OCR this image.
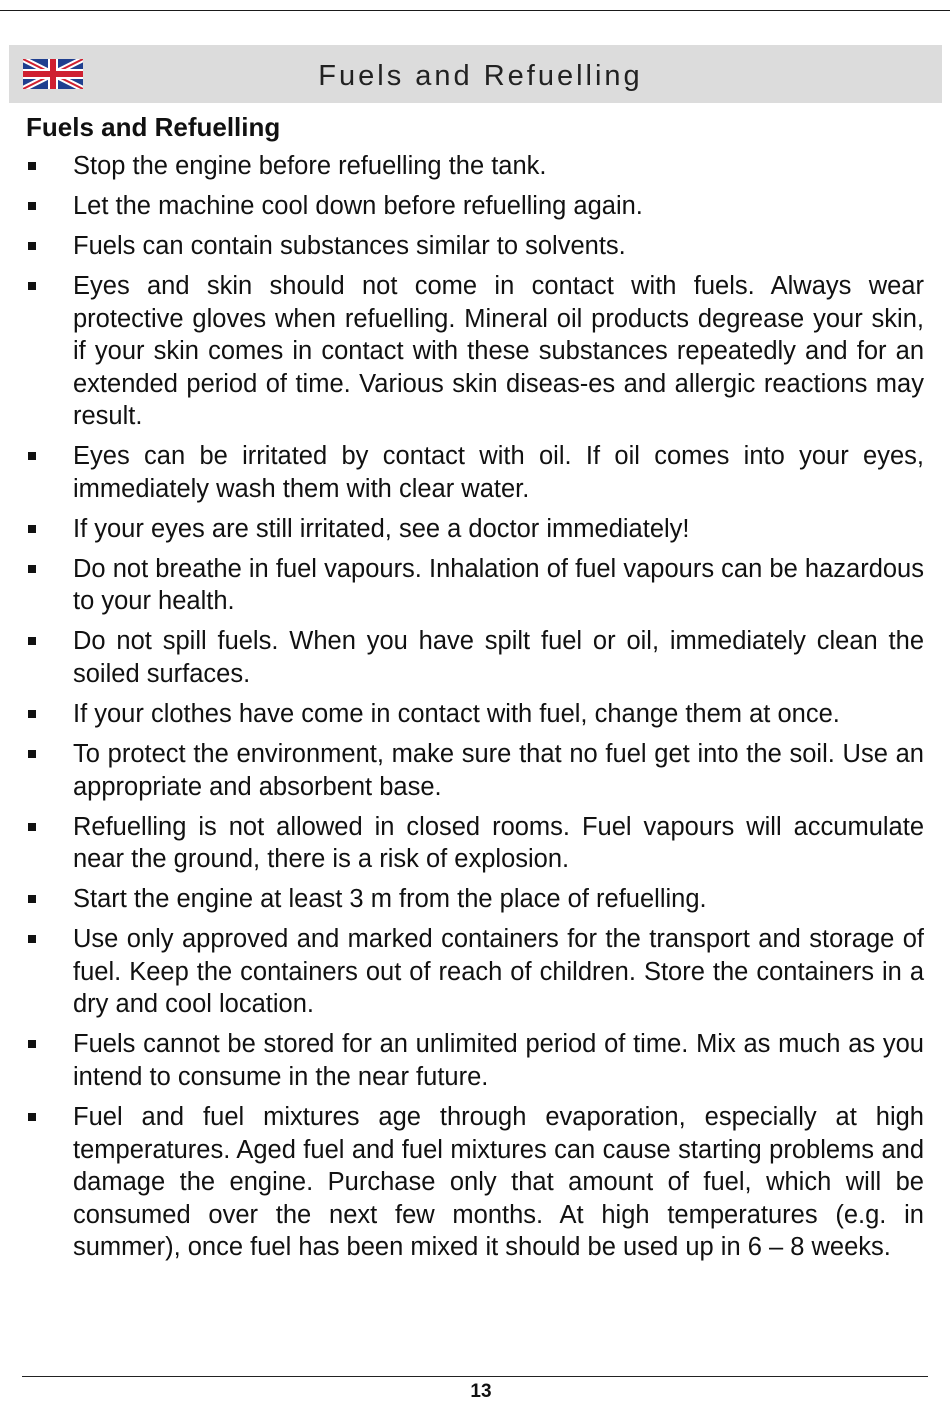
Fuels and Refuelling
Fuels and Refuelling
Stop the engine before refuelling the tank.
Let the machine cool down before refuelling again.
Fuels can contain substances similar to solvents.
Eyes and skin should not come in contact with fuels. Always wear protective gloves when refuelling. Mineral oil products degrease your skin, if your skin comes in contact with these substances repeatedly and for an extended period of time. Various skin diseas-es and allergic reactions may result.
Eyes can be irritated by contact with oil. If oil comes into your eyes, immediately wash them with clear water.
If your eyes are still irritated, see a doctor immediately!
Do not breathe in fuel vapours. Inhalation of fuel vapours can be hazardous to your health.
Do not spill fuels. When you have spilt fuel or oil, immediately clean the soiled surfaces.
If your clothes have come in contact with fuel, change them at once.
To protect the environment, make sure that no fuel get into the soil. Use an appropriate and absorbent base.
Refuelling is not allowed in closed rooms. Fuel vapours will accumulate near the ground, there is a risk of explosion.
Start the engine at least 3 m from the place of refuelling.
Use only approved and marked containers for the transport and storage of fuel. Keep the containers out of reach of children. Store the containers in a dry and cool location.
Fuels cannot be stored for an unlimited period of time. Mix as much as you intend to consume in the near future.
Fuel and fuel mixtures age through evaporation, especially at high temperatures. Aged fuel and fuel mixtures can cause starting problems and damage the engine. Purchase only that amount of fuel, which will be consumed over the next few months. At high temperatures (e.g. in summer), once fuel has been mixed it should be used up in 6 – 8 weeks.
13
